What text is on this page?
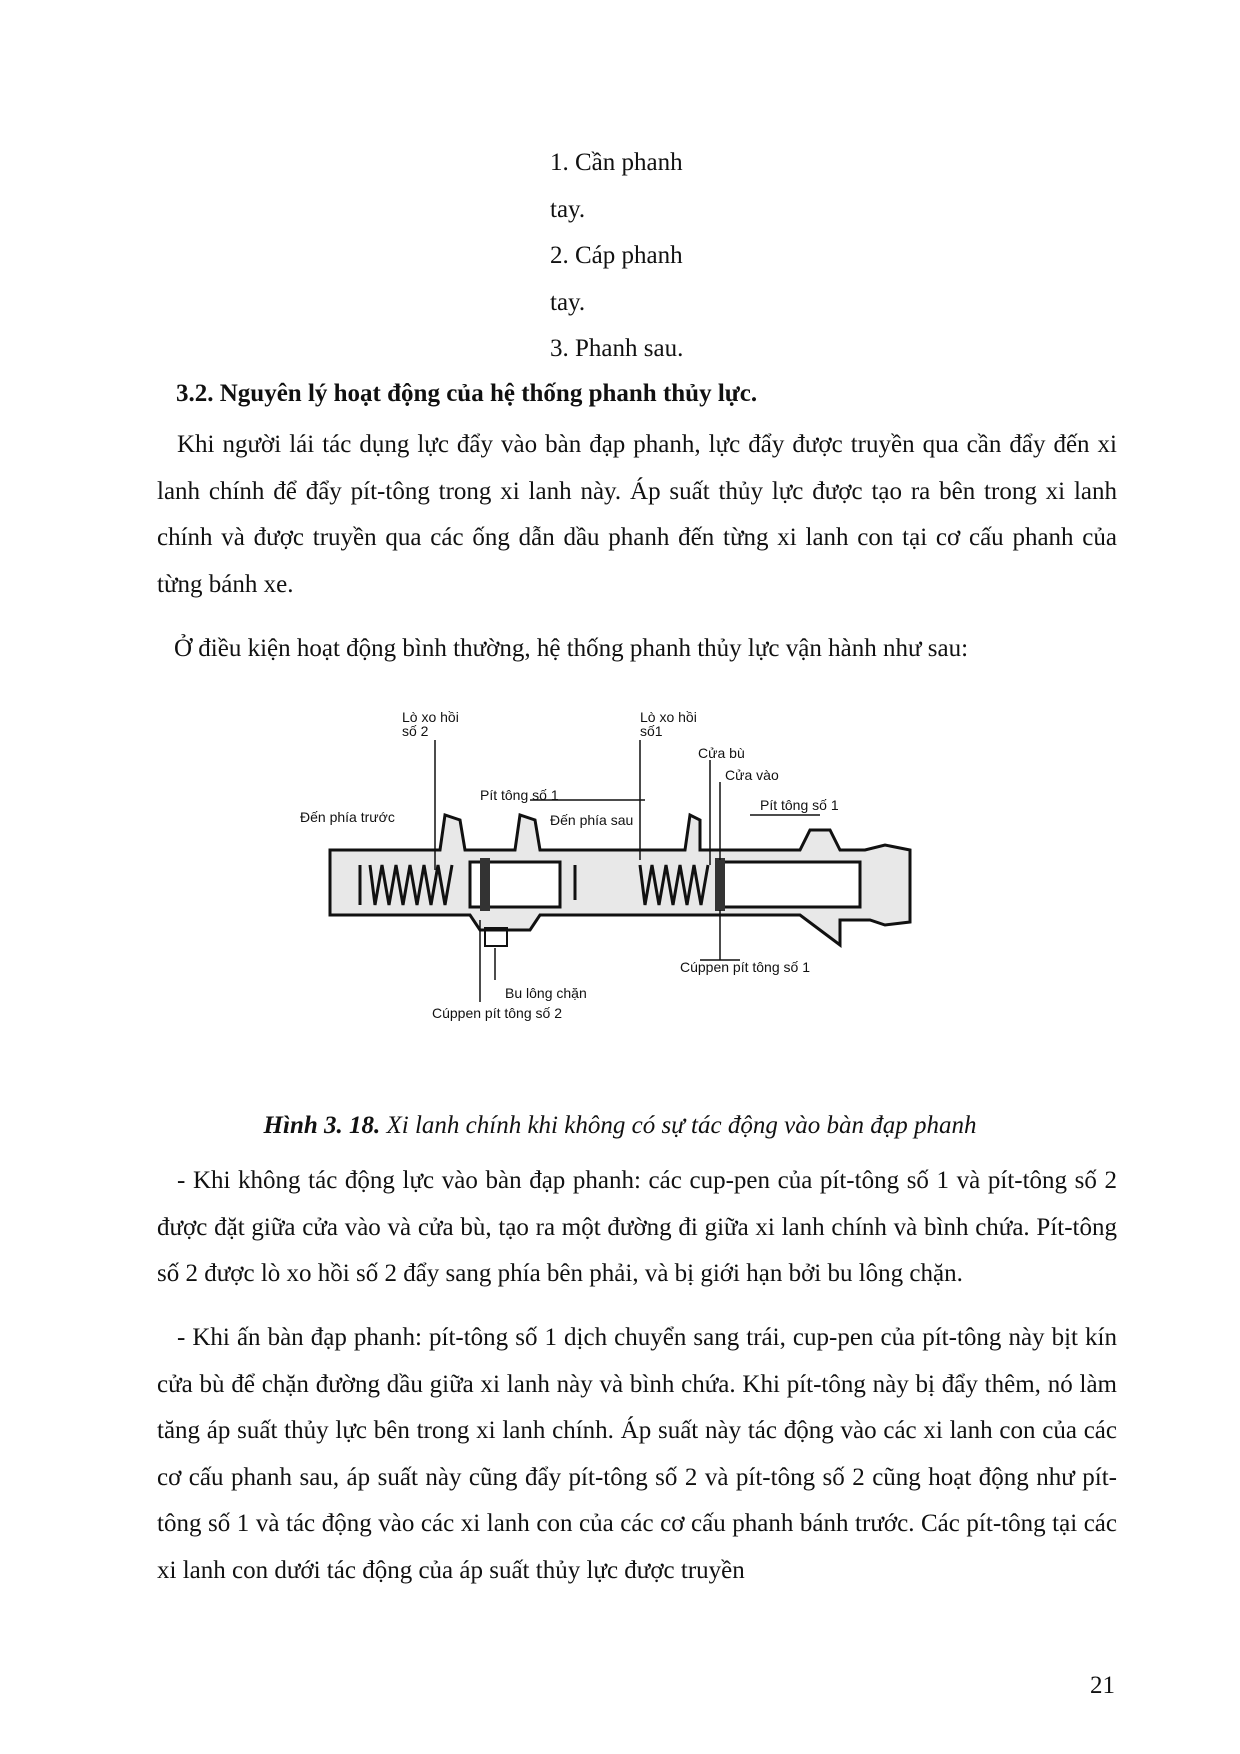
1. Cần phanh
tay.
2. Cáp phanh
tay.
3. Phanh sau.
3.2. Nguyên lý hoạt động của hệ thống phanh thủy lực.
Khi người lái tác dụng lực đẩy vào bàn đạp phanh, lực đẩy được truyền qua cần đẩy đến xi lanh chính để đẩy pít-tông trong xi lanh này. Áp suất thủy lực được tạo ra bên trong xi lanh chính và được truyền qua các ống dẫn dầu phanh đến từng xi lanh con tại cơ cấu phanh của từng bánh xe.
Ở điều kiện hoạt động bình thường, hệ thống phanh thủy lực vận hành như sau:
Lò xo hồi
số 2
Lò xo hồi
số1
Cửa bù
Cửa vào
Pít tông số 1
Đến phía trước	Đến phía sau
Pít tông số 1
Cúppen pít tông số 1
Bu lông chặn
Cúppen pít tông số 2
Hình 3. 18. Xi lanh chính khi không có sự tác động vào bàn đạp phanh
- Khi không tác động lực vào bàn đạp phanh: các cup-pen của pít-tông số 1 và pít-tông số 2 được đặt giữa cửa vào và cửa bù, tạo ra một đường đi giữa xi lanh chính và bình chứa. Pít-tông số 2 được lò xo hồi số 2 đẩy sang phía bên phải, và bị giới hạn bởi bu lông chặn.
- Khi ấn bàn đạp phanh: pít-tông số 1 dịch chuyển sang trái, cup-pen của pít-tông này bịt kín cửa bù để chặn đường dầu giữa xi lanh này và bình chứa. Khi pít-tông này bị đẩy thêm, nó làm tăng áp suất thủy lực bên trong xi lanh chính. Áp suất này tác động vào các xi lanh con của các cơ cấu phanh sau, áp suất này cũng đẩy pít-tông số 2 và pít-tông số 2 cũng hoạt động như pít-tông số 1 và tác động vào các xi lanh con của các cơ cấu phanh bánh trước. Các pít-tông tại các xi lanh con dưới tác động của áp suất thủy lực được truyền
21
